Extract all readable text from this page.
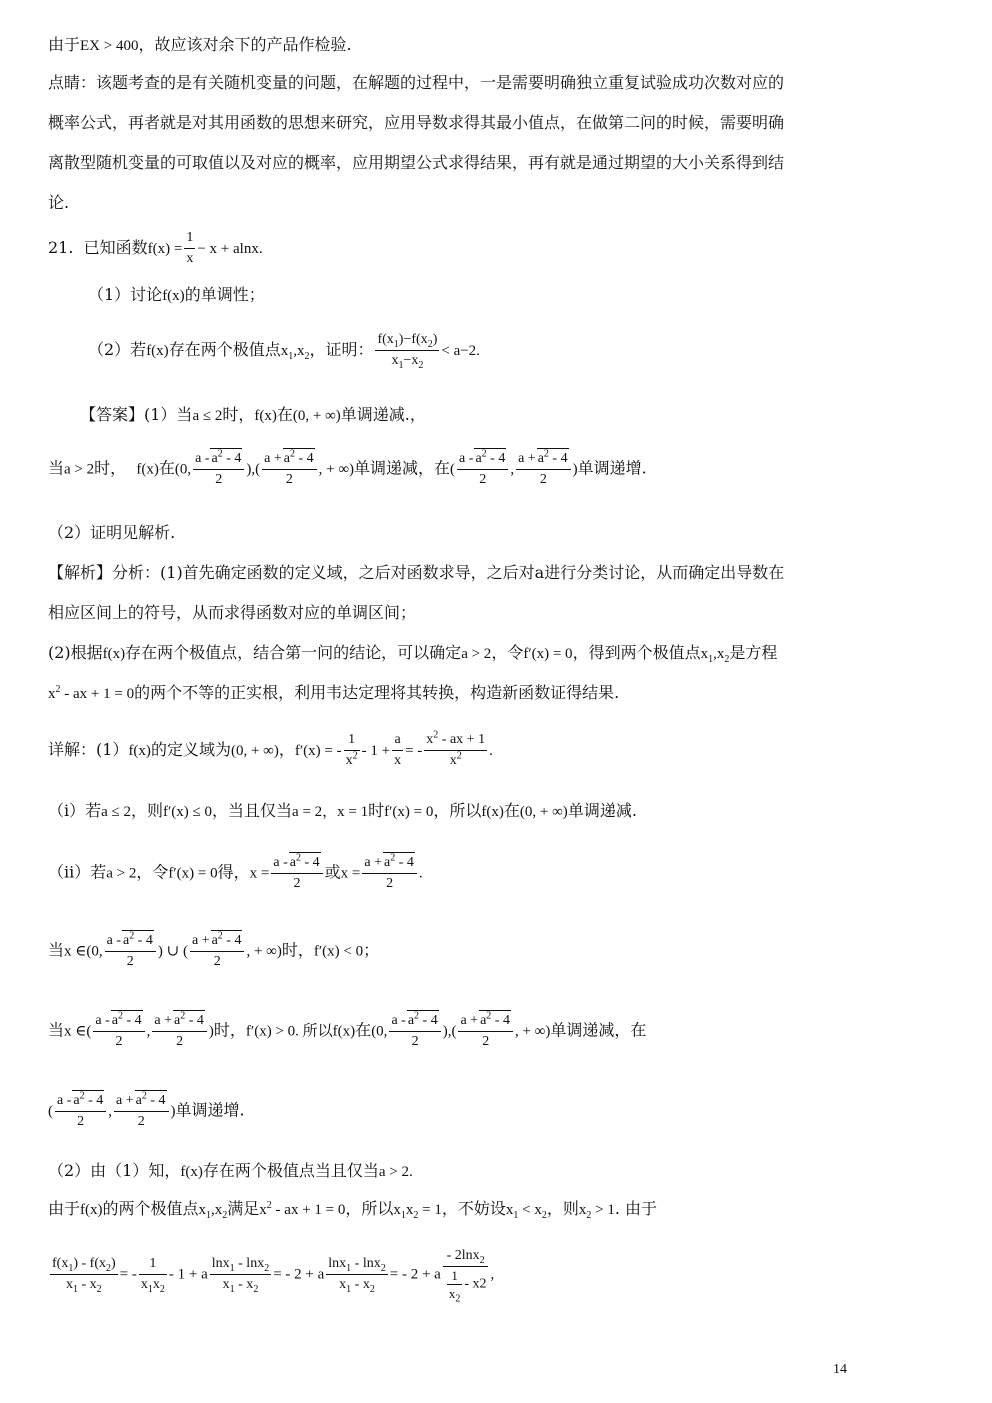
由于EX > 400，故应该对余下的产品作检验.
点睛：该题考查的是有关随机变量的问题，在解题的过程中，一是需要明确独立重复试验成功次数对应的
概率公式，再者就是对其用函数的思想来研究，应用导数求得其最小值点，在做第二问的时候，需要明确
离散型随机变量的可取值以及对应的概率，应用期望公式求得结果，再有就是通过期望的大小关系得到结
论.
21. 已知函数$f(x) = \frac{1}{x} - x + alnx$.
（1）讨论f(x)的单调性；
（2）若f(x)存在两个极值点$x_1,x_2$，证明： $\frac{f(x_1)-f(x_2)}{x_1-x_2} < a-2$.
【答案】(1）当a ≤ 2时，f(x)在(0, + ∞)单调递减.，
当a > 2时， f(x)在(0, $\frac{a - a^2 - 4}{2}$ ),( $\frac{a + a^2 - 4}{2}$ , + ∞)单调递减，在( $\frac{a - a^2 - 4}{2}$ , $\frac{a + a^2 - 4}{2}$ )单调递增.
（2）证明见解析.
【解析】分析：(1)首先确定函数的定义域，之后对函数求导，之后对a进行分类讨论，从而确定出导数在
相应区间上的符号，从而求得函数对应的单调区间；
(2)根据f(x)存在两个极值点，结合第一问的结论，可以确定a > 2，令f′(x) = 0，得到两个极值点$x_1,x_2$是方程
$x^2$ - ax + 1 = 0的两个不等的正实根，利用韦达定理将其转换，构造新函数证得结果.
详解：(1）f(x)的定义域为(0, + ∞)，f′(x) = - $\frac{1}{x^2} - 1 + \frac{a}{x}$ = - $\frac{x^2 - ax + 1}{x^2}$ .
（i）若a ≤ 2，则f′(x) ≤ 0，当且仅当a = 2，x = 1时f′(x) = 0，所以f(x)在(0, + ∞)单调递减.
（ii）若a > 2，令f′(x) = 0得，$x = \frac{a - a^2 - 4}{2}$ 或$x = \frac{a + a^2 - 4}{2}$ .
当x ∈(0, $\frac{a - a^2 - 4}{2}$ ) ∪ ( $\frac{a + a^2 - 4}{2}$ , + ∞)时，f′(x) < 0；
当x ∈( $\frac{a - a^2 - 4}{2}$ , $\frac{a + a^2 - 4}{2}$ )时，f′(x) > 0. 所以f(x)在(0, $\frac{a - a^2 - 4}{2}$ ),( $\frac{a + a^2 - 4}{2}$ , + ∞)单调递减，在
( $\frac{a - a^2 - 4}{2}$ , $\frac{a + a^2 - 4}{2}$ )单调递增.
（2）由（1）知，f(x)存在两个极值点当且仅当a > 2.
由于f(x)的两个极值点$x_1,x_2$满足$x^2$ - ax + 1 = 0，所以$x_1x_2 = 1$，不妨设$x_1 < x_2$，则$x_2 > 1$. 由于
$\frac{f(x_1) - f(x_2)}{x_1 - x_2}$ = - $\frac{1}{x_1x_2} - 1 + a \frac{\ln x_1 - \ln x_2}{x_1 - x_2}$ = - 2 + a $\frac{\ln x_1 - \ln x_2}{x_1 - x_2}$ = - 2 + a $\frac{- 2\ln x_2}{\frac{1}{x_2} - x2}$ ,
14
